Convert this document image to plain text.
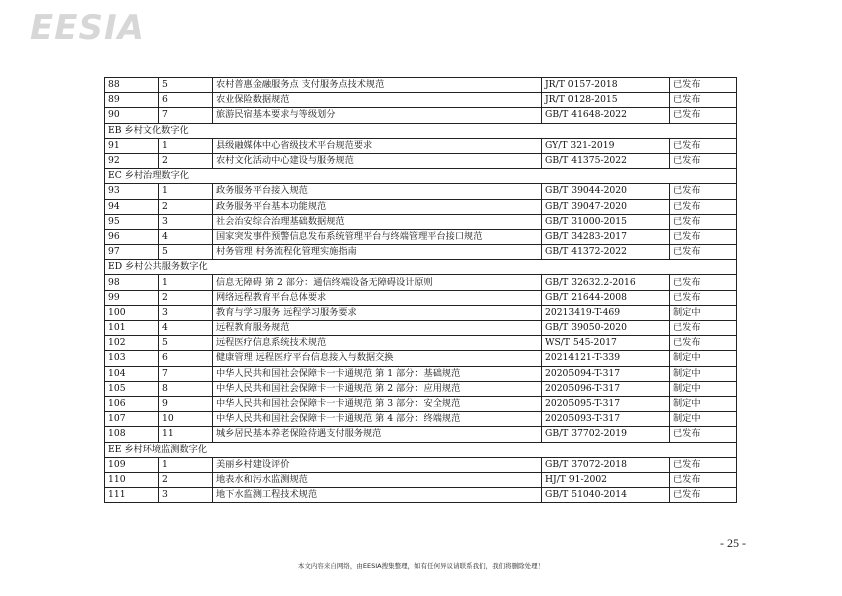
EESIA
88	5	农村普惠金融服务点 支付服务点技术规范	JR/T 0157-2018	已发布
89	6	农业保险数据规范	JR/T 0128-2015	已发布
90	7	旅游民宿基本要求与等级划分	GB/T 41648-2022	已发布
EB 乡村文化数字化				
91	1	县级融媒体中心省级技术平台规范要求	GY/T 321-2019	已发布
92	2	农村文化活动中心建设与服务规范	GB/T 41375-2022	已发布
EC 乡村治理数字化				
93	1	政务服务平台接入规范	GB/T 39044-2020	已发布
94	2	政务服务平台基本功能规范	GB/T 39047-2020	已发布
95	3	社会治安综合治理基础数据规范	GB/T 31000-2015	已发布
96	4	国家突发事件预警信息发布系统管理平台与终端管理平台接口规范	GB/T 34283-2017	已发布
97	5	村务管理 村务流程化管理实施指南	GB/T 41372-2022	已发布
ED 乡村公共服务数字化				
98	1	信息无障碍 第 2 部分：通信终端设备无障碍设计原则	GB/T 32632.2-2016	已发布
99	2	网络远程教育平台总体要求	GB/T 21644-2008	已发布
100	3	教育与学习服务 远程学习服务要求	20213419-T-469	制定中
101	4	远程教育服务规范	GB/T 39050-2020	已发布
102	5	远程医疗信息系统技术规范	WS/T 545-2017	已发布
103	6	健康管理 远程医疗平台信息接入与数据交换	20214121-T-339	制定中
104	7	中华人民共和国社会保障卡一卡通规范 第 1 部分：基础规范	20205094-T-317	制定中
105	8	中华人民共和国社会保障卡一卡通规范 第 2 部分：应用规范	20205096-T-317	制定中
106	9	中华人民共和国社会保障卡一卡通规范 第 3 部分：安全规范	20205095-T-317	制定中
107	10	中华人民共和国社会保障卡一卡通规范 第 4 部分：终端规范	20205093-T-317	制定中
108	11	城乡居民基本养老保险待遇支付服务规范	GB/T 37702-2019	已发布
EE 乡村环境监测数字化				
109	1	美丽乡村建设评价	GB/T 37072-2018	已发布
110	2	地表水和污水监测规范	HJ/T 91-2002	已发布
111	3	地下水监测工程技术规范	GB/T 51040-2014	已发布
- 25 -
本文内容来自网络，由EESIA搜集整理，如有任何异议请联系我们，我们将删除处理！
